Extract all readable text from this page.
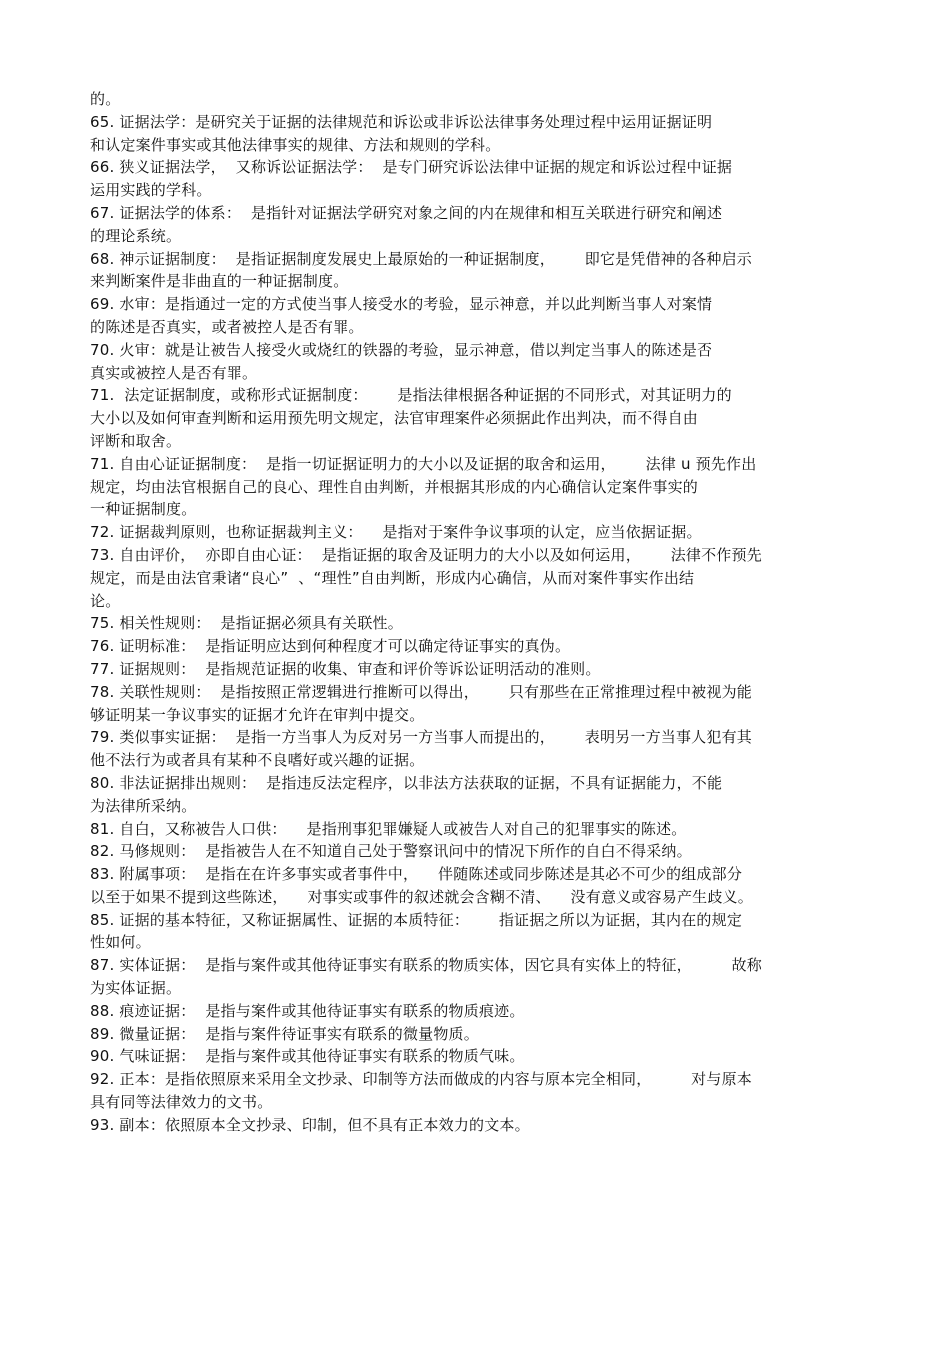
的。
65. 证据法学：是研究关于证据的法律规范和诉讼或非诉讼法律事务处理过程中运用证据证明
和认定案件事实或其他法律事实的规律、方法和规则的学科。
66. 狭义证据法学，  又称诉讼证据法学：  是专门研究诉讼法律中证据的规定和诉讼过程中证据
运用实践的学科。
67. 证据法学的体系：  是指针对证据法学研究对象之间的内在规律和相互关联进行研究和阐述
的理论系统。
68. 神示证据制度：  是指证据制度发展史上最原始的一种证据制度，      即它是凭借神的各种启示
来判断案件是非曲直的一种证据制度。
69. 水审：是指通过一定的方式使当事人接受水的考验，显示神意，并以此判断当事人对案情
的陈述是否真实，或者被控人是否有罪。
70. 火审：就是让被告人接受火或烧红的铁器的考验，显示神意，借以判定当事人的陈述是否
真实或被控人是否有罪。
71.  法定证据制度，或称形式证据制度：      是指法律根据各种证据的不同形式，对其证明力的
大小以及如何审查判断和运用预先明文规定，法官审理案件必须据此作出判决，而不得自由
评断和取舍。
71. 自由心证证据制度：  是指一切证据证明力的大小以及证据的取舍和运用，      法律 u 预先作出
规定，均由法官根据自己的良心、理性自由判断，并根据其形成的内心确信认定案件事实的
一种证据制度。
72. 证据裁判原则，也称证据裁判主义：    是指对于案件争议事项的认定，应当依据证据。
73. 自由评价，  亦即自由心证：  是指证据的取舍及证明力的大小以及如何运用，      法律不作预先
规定，而是由法官秉诸“良心”  、“理性”自由判断，形成内心确信，从而对案件事实作出结
论。
75. 相关性规则：  是指证据必须具有关联性。
76. 证明标准：  是指证明应达到何种程度才可以确定待证事实的真伪。
77. 证据规则：  是指规范证据的收集、审查和评价等诉讼证明活动的准则。
78. 关联性规则：  是指按照正常逻辑进行推断可以得出，      只有那些在正常推理过程中被视为能
够证明某一争议事实的证据才允许在审判中提交。
79. 类似事实证据：  是指一方当事人为反对另一方当事人而提出的，      表明另一方当事人犯有其
他不法行为或者具有某种不良嗜好或兴趣的证据。
80. 非法证据排出规则：  是指违反法定程序，以非法方法获取的证据，不具有证据能力，不能
为法律所采纳。
81. 自白，又称被告人口供：    是指刑事犯罪嫌疑人或被告人对自己的犯罪事实的陈述。
82. 马修规则：  是指被告人在不知道自己处于警察讯问中的情况下所作的自白不得采纳。
83. 附属事项：  是指在在许多事实或者事件中，    伴随陈述或同步陈述是其必不可少的组成部分
以至于如果不提到这些陈述，    对事实或事件的叙述就会含糊不清、    没有意义或容易产生歧义。
85. 证据的基本特征，又称证据属性、证据的本质特征：      指证据之所以为证据，其内在的规定
性如何。
87. 实体证据：  是指与案件或其他待证事实有联系的物质实体，因它具有实体上的特征，        故称
为实体证据。
88. 痕迹证据：  是指与案件或其他待证事实有联系的物质痕迹。
89. 微量证据：  是指与案件待证事实有联系的微量物质。
90. 气味证据：  是指与案件或其他待证事实有联系的物质气味。
92. 正本：是指依照原来采用全文抄录、印制等方法而做成的内容与原本完全相同，        对与原本
具有同等法律效力的文书。
93. 副本：依照原本全文抄录、印制，但不具有正本效力的文本。
